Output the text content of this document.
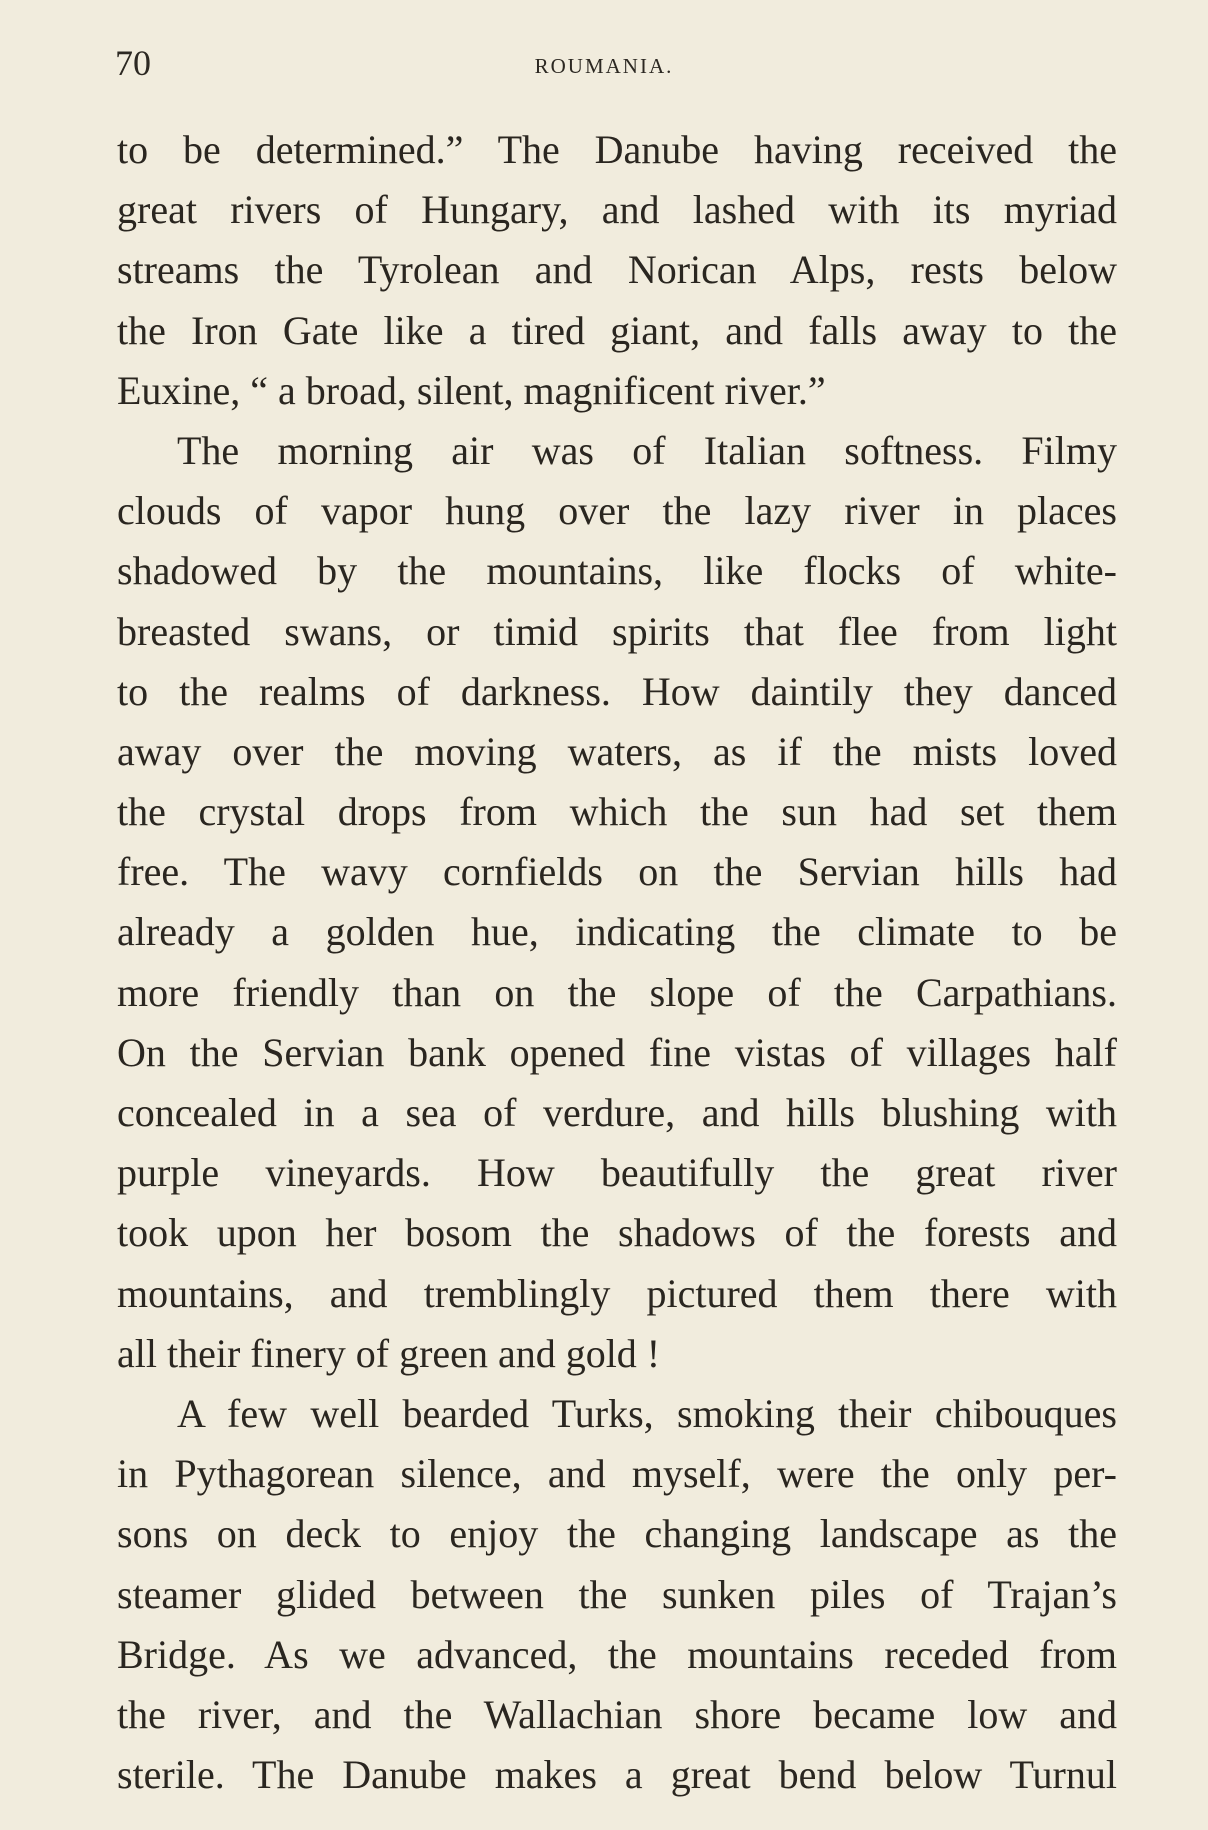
70	ROUMANIA.
to be determined.” The Danube having received the
great rivers of Hungary, and lashed with its myriad
streams the Tyrolean and Norican Alps, rests below
the Iron Gate like a tired giant, and falls away to the
Euxine, “ a broad, silent, magnificent river.”
The morning air was of Italian softness. Filmy
clouds of vapor hung over the lazy river in places
shadowed by the mountains, like flocks of white-
breasted swans, or timid spirits that flee from light
to the realms of darkness. How daintily they danced
away over the moving waters, as if the mists loved
the crystal drops from which the sun had set them
free. The wavy cornfields on the Servian hills had
already a golden hue, indicating the climate to be
more friendly than on the slope of the Carpathians.
On the Servian bank opened fine vistas of villages half
concealed in a sea of verdure, and hills blushing with
purple vineyards. How beautifully the great river
took upon her bosom the shadows of the forests and
mountains, and tremblingly pictured them there with
all their finery of green and gold !
A few well bearded Turks, smoking their chibouques
in Pythagorean silence, and myself, were the only per-
sons on deck to enjoy the changing landscape as the
steamer glided between the sunken piles of Trajan’s
Bridge. As we advanced, the mountains receded from
the river, and the Wallachian shore became low and
sterile. The Danube makes a great bend below Turnul
